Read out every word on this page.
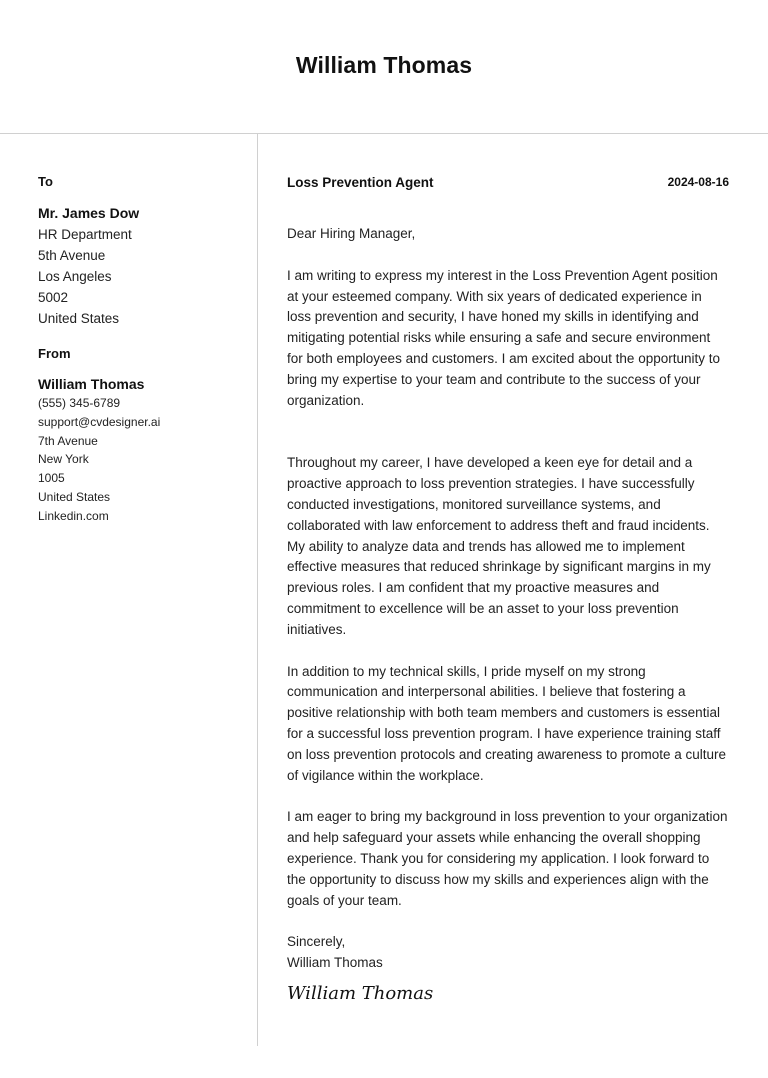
William Thomas
To
Mr. James Dow
HR Department
5th Avenue
Los Angeles
5002
United States
From
William Thomas
(555) 345-6789
support@cvdesigner.ai
7th Avenue
New York
1005
United States
Linkedin.com
Loss Prevention Agent	2024-08-16
Dear Hiring Manager,
I am writing to express my interest in the Loss Prevention Agent position at your esteemed company. With six years of dedicated experience in loss prevention and security, I have honed my skills in identifying and mitigating potential risks while ensuring a safe and secure environment for both employees and customers. I am excited about the opportunity to bring my expertise to your team and contribute to the success of your organization.
Throughout my career, I have developed a keen eye for detail and a proactive approach to loss prevention strategies. I have successfully conducted investigations, monitored surveillance systems, and collaborated with law enforcement to address theft and fraud incidents. My ability to analyze data and trends has allowed me to implement effective measures that reduced shrinkage by significant margins in my previous roles. I am confident that my proactive measures and commitment to excellence will be an asset to your loss prevention initiatives.
In addition to my technical skills, I pride myself on my strong communication and interpersonal abilities. I believe that fostering a positive relationship with both team members and customers is essential for a successful loss prevention program. I have experience training staff on loss prevention protocols and creating awareness to promote a culture of vigilance within the workplace.
I am eager to bring my background in loss prevention to your organization and help safeguard your assets while enhancing the overall shopping experience. Thank you for considering my application. I look forward to the opportunity to discuss how my skills and experiences align with the goals of your team.
Sincerely,
William Thomas
William Thomas
